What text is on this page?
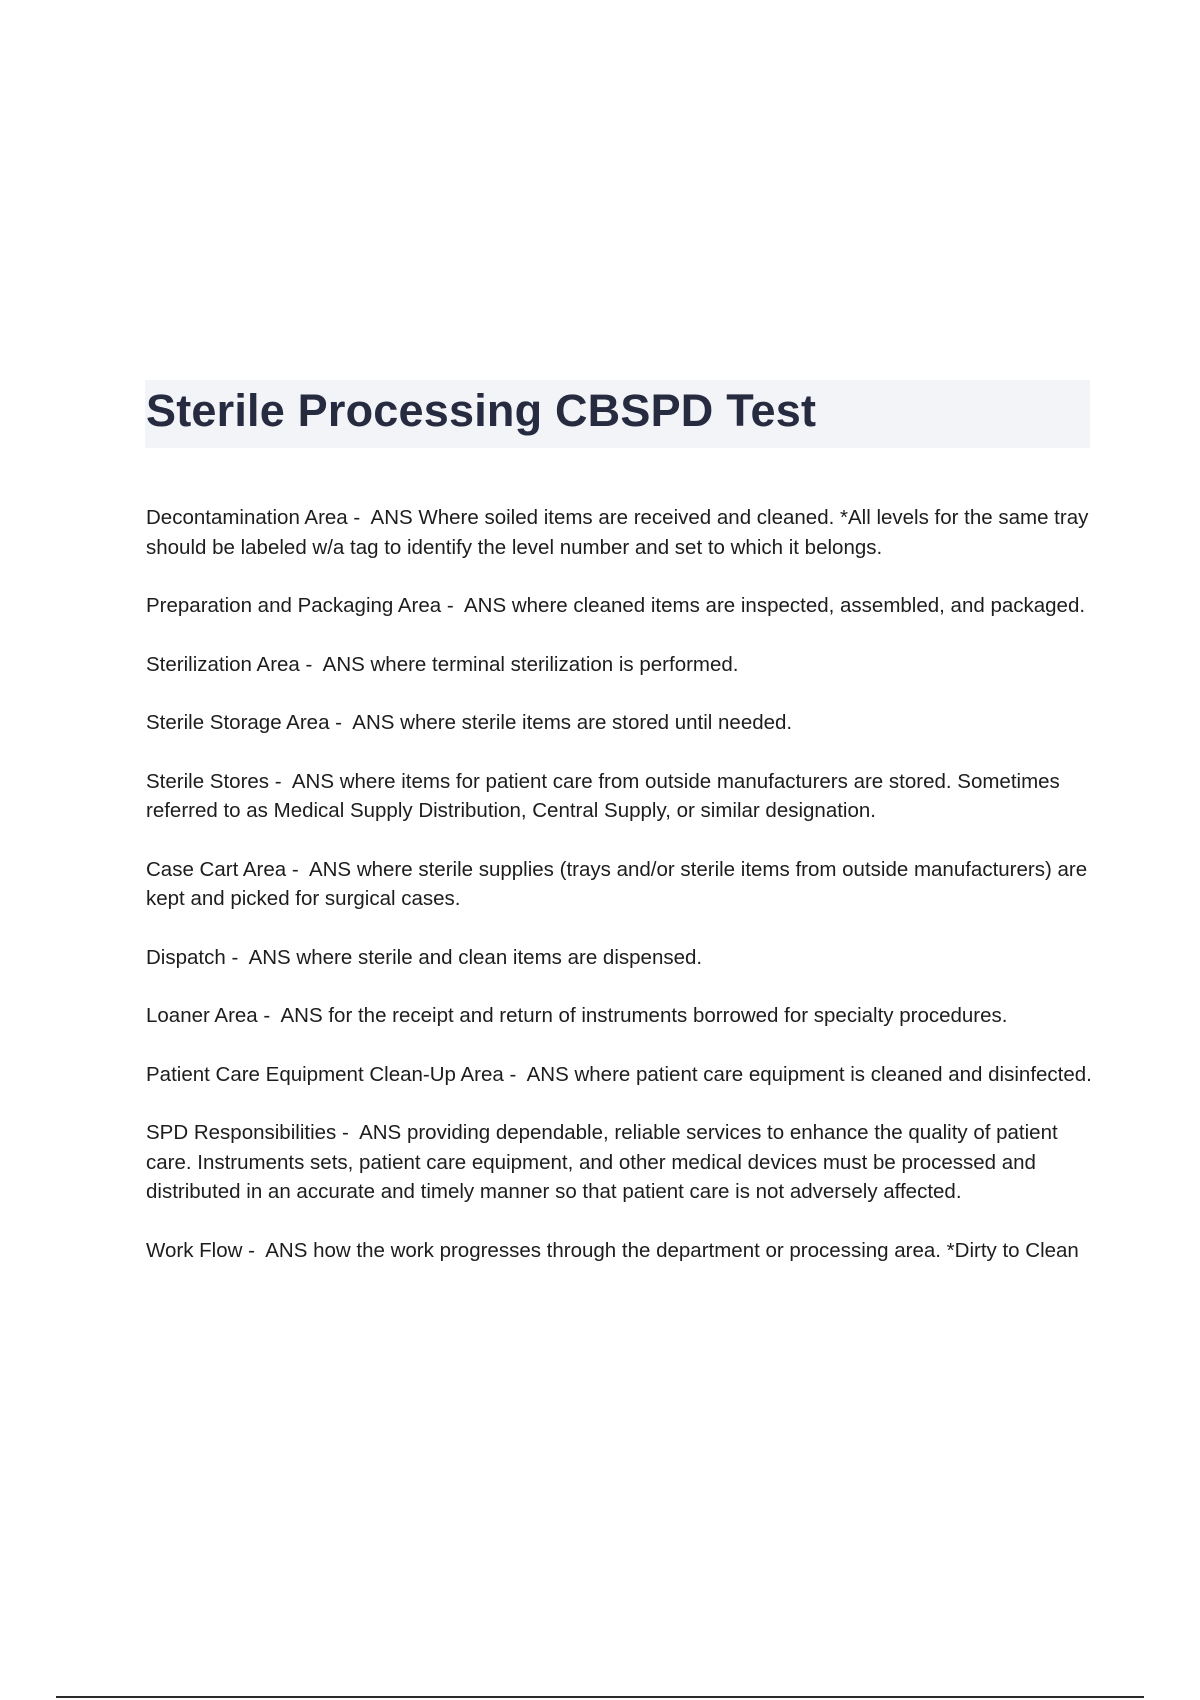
Sterile Processing CBSPD Test
Decontamination Area - ANS Where soiled items are received and cleaned. *All levels for the same tray should be labeled w/a tag to identify the level number and set to which it belongs.
Preparation and Packaging Area - ANS where cleaned items are inspected, assembled, and packaged.
Sterilization Area - ANS where terminal sterilization is performed.
Sterile Storage Area - ANS where sterile items are stored until needed.
Sterile Stores - ANS where items for patient care from outside manufacturers are stored. Sometimes referred to as Medical Supply Distribution, Central Supply, or similar designation.
Case Cart Area - ANS where sterile supplies (trays and/or sterile items from outside manufacturers) are kept and picked for surgical cases.
Dispatch - ANS where sterile and clean items are dispensed.
Loaner Area - ANS for the receipt and return of instruments borrowed for specialty procedures.
Patient Care Equipment Clean-Up Area - ANS where patient care equipment is cleaned and disinfected.
SPD Responsibilities - ANS providing dependable, reliable services to enhance the quality of patient care. Instruments sets, patient care equipment, and other medical devices must be processed and distributed in an accurate and timely manner so that patient care is not adversely affected.
Work Flow - ANS how the work progresses through the department or processing area. *Dirty to Clean
